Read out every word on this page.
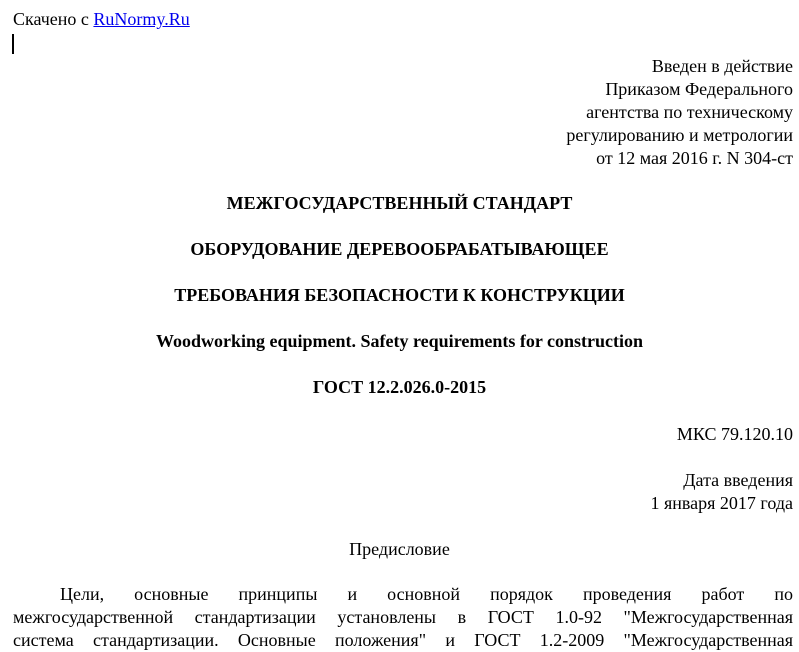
Скачено с RuNormy.Ru
Введен в действие
Приказом Федерального
агентства по техническому
регулированию и метрологии
от 12 мая 2016 г. N 304-ст
МЕЖГОСУДАРСТВЕННЫЙ СТАНДАРТ
ОБОРУДОВАНИЕ ДЕРЕВООБРАБАТЫВАЮЩЕЕ
ТРЕБОВАНИЯ БЕЗОПАСНОСТИ К КОНСТРУКЦИИ
Woodworking equipment. Safety requirements for construction
ГОСТ 12.2.026.0-2015
МКС 79.120.10
Дата введения
1 января 2017 года
Предисловие
Цели, основные принципы и основной порядок проведения работ по
межгосударственной стандартизации установлены в ГОСТ 1.0-92 "Межгосударственная
система стандартизации. Основные положения" и ГОСТ 1.2-2009 "Межгосударственная
